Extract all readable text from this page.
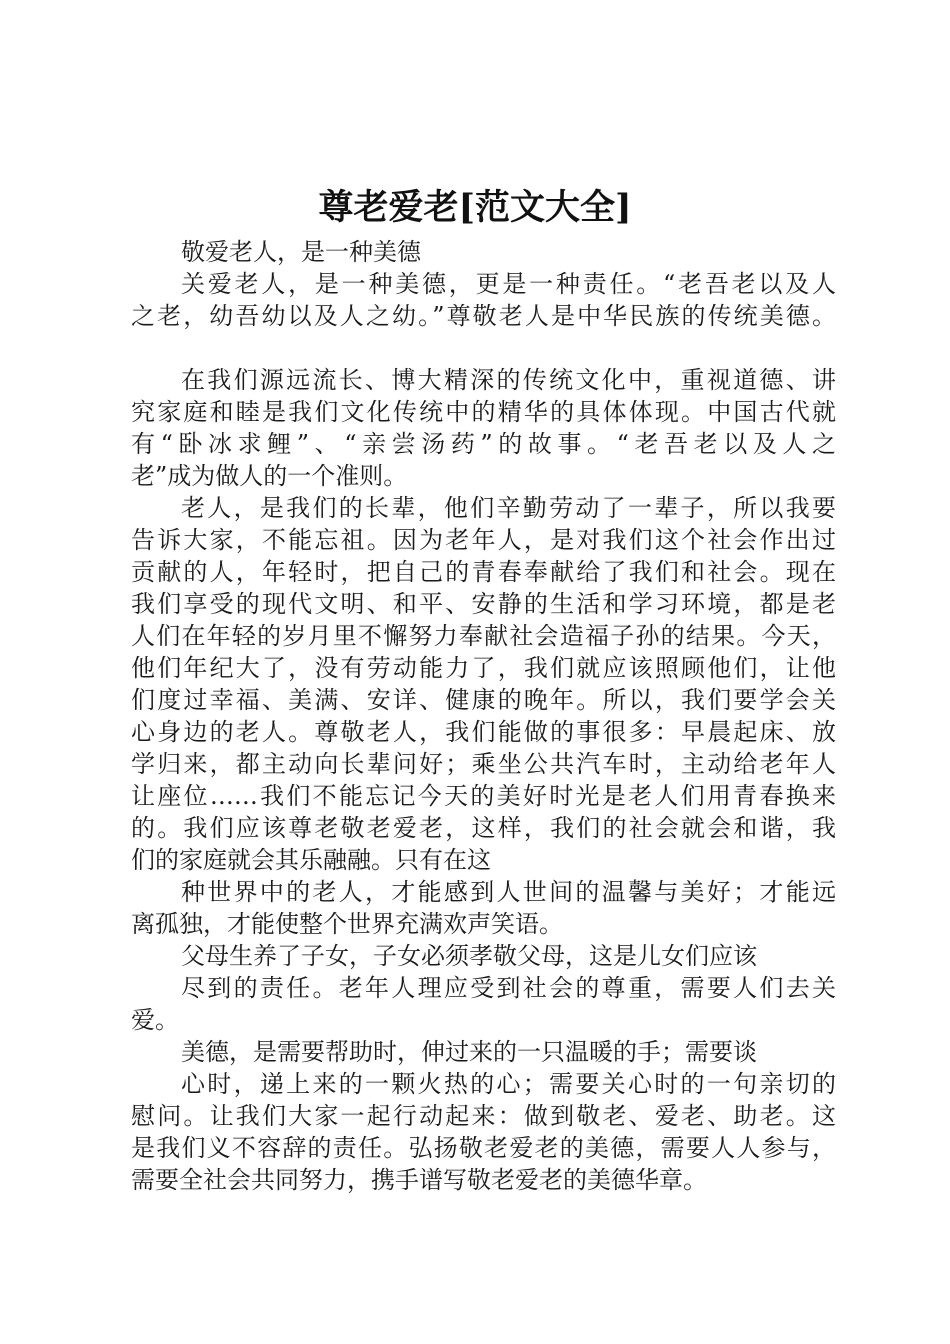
尊老爱老[范文大全]
敬爱老人，是一种美德
关爱老人，是一种美德，更是一种责任。“老吾老以及人
之老，幼吾幼以及人之幼。”尊敬老人是中华民族的传统美德。
在我们源远流长、博大精深的传统文化中，重视道德、讲
究家庭和睦是我们文化传统中的精华的具体体现。中国古代就
有“卧冰求鲤”、“亲尝汤药”的故事。“老吾老以及人之
老”成为做人的一个准则。
老人，是我们的长辈，他们辛勤劳动了一辈子，所以我要
告诉大家，不能忘祖。因为老年人，是对我们这个社会作出过
贡献的人，年轻时，把自己的青春奉献给了我们和社会。现在
我们享受的现代文明、和平、安静的生活和学习环境，都是老
人们在年轻的岁月里不懈努力奉献社会造福子孙的结果。今天，
他们年纪大了，没有劳动能力了，我们就应该照顾他们，让他
们度过幸福、美满、安详、健康的晚年。所以，我们要学会关
心身边的老人。尊敬老人，我们能做的事很多：早晨起床、放
学归来，都主动向长辈问好；乘坐公共汽车时，主动给老年人
让座位……我们不能忘记今天的美好时光是老人们用青春换来
的。我们应该尊老敬老爱老，这样，我们的社会就会和谐，我
们的家庭就会其乐融融。只有在这
种世界中的老人，才能感到人世间的温馨与美好；才能远
离孤独，才能使整个世界充满欢声笑语。
父母生养了子女，子女必须孝敬父母，这是儿女们应该
尽到的责任。老年人理应受到社会的尊重，需要人们去关
爱。
美德，是需要帮助时，伸过来的一只温暖的手；需要谈
心时，递上来的一颗火热的心；需要关心时的一句亲切的
慰问。让我们大家一起行动起来：做到敬老、爱老、助老。这
是我们义不容辞的责任。弘扬敬老爱老的美德，需要人人参与，
需要全社会共同努力，携手谱写敬老爱老的美德华章。
